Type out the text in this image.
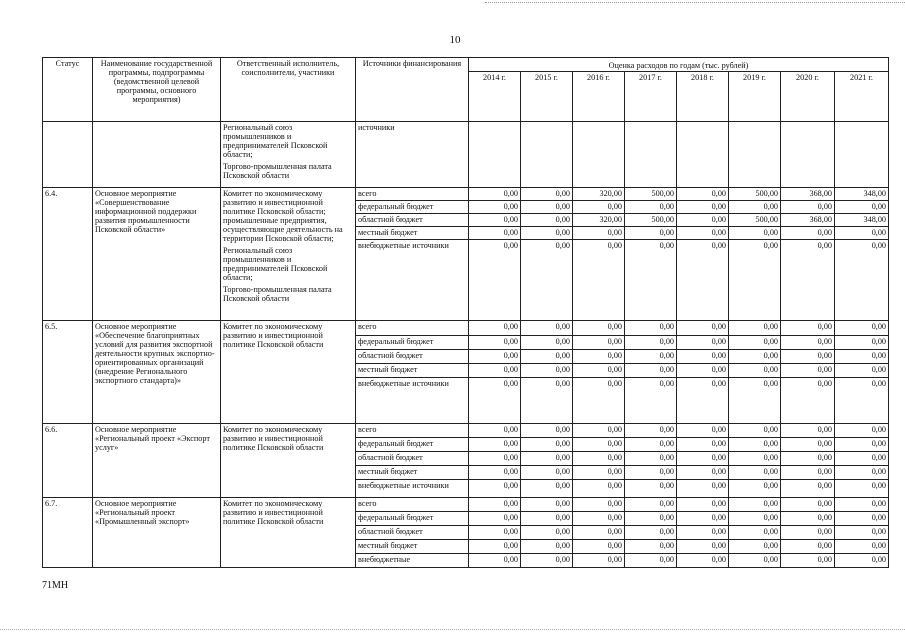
10
Статус	Наименование государственной программы, подпрограммы (ведомственной целевой программы, основного мероприятия)	Ответственный исполнитель, соисполнители, участники	Источники финансирования	Оценка расходов по годам (тыс. рублей)							
				2014 г.	2015 г.	2016 г.	2017 г.	2018 г.	2019 г.	2020 г.	2021 г.

		Региональный союз промышленников и предпринимателей Псковской области;

Торгово-промышленная палата Псковской области	источники								
6.4.	Основное мероприятие «Совершенствование информационной поддержки развития промышленности Псковской области»	Комитет по экономическому развитию и инвестиционной политике Псковской области; промышленные предприятия, осуществляющие деятельность на территории Псковской области;

Региональный союз промышленников и предпринимателей Псковской области;

Торгово-промышленная палата Псковской области	всего	0,00	0,00	320,00	500,00	0,00	500,00	368,00	348,00
			федеральный бюджет	0,00	0,00	0,00	0,00	0,00	0,00	0,00	0,00
			областной бюджет	0,00	0,00	320,00	500,00	0,00	500,00	368,00	348,00
			местный бюджет	0,00	0,00	0,00	0,00	0,00	0,00	0,00	0,00
			внебюджетные источники	0,00	0,00	0,00	0,00	0,00	0,00	0,00	0,00
6.5.	Основное мероприятие «Обеспечение благоприятных условий для развития экспортной деятельности крупных экспортно-ориентированных организаций (внедрение Регионального экспортного стандарта)»	Комитет по экономическому развитию и инвестиционной политике Псковской области	всего	0,00	0,00	0,00	0,00	0,00	0,00	0,00	0,00
			федеральный бюджет	0,00	0,00	0,00	0,00	0,00	0,00	0,00	0,00
			областной бюджет	0,00	0,00	0,00	0,00	0,00	0,00	0,00	0,00
			местный бюджет	0,00	0,00	0,00	0,00	0,00	0,00	0,00	0,00
			внебюджетные источники	0,00	0,00	0,00	0,00	0,00	0,00	0,00	0,00
6.6.	Основное мероприятие «Региональный проект «Экспорт услуг»	Комитет по экономическому развитию и инвестиционной политике Псковской области	всего	0,00	0,00	0,00	0,00	0,00	0,00	0,00	0,00
			федеральный бюджет	0,00	0,00	0,00	0,00	0,00	0,00	0,00	0,00
			областной бюджет	0,00	0,00	0,00	0,00	0,00	0,00	0,00	0,00
			местный бюджет	0,00	0,00	0,00	0,00	0,00	0,00	0,00	0,00
			внебюджетные источники	0,00	0,00	0,00	0,00	0,00	0,00	0,00	0,00
6.7.	Основное мероприятие «Региональный проект «Промышленный экспорт»	Комитет по экономическому развитию и инвестиционной политике Псковской области	всего	0,00	0,00	0,00	0,00	0,00	0,00	0,00	0,00
			федеральный бюджет	0,00	0,00	0,00	0,00	0,00	0,00	0,00	0,00
			областной бюджет	0,00	0,00	0,00	0,00	0,00	0,00	0,00	0,00
			местный бюджет	0,00	0,00	0,00	0,00	0,00	0,00	0,00	0,00
			внебюджетные	0,00	0,00	0,00	0,00	0,00	0,00	0,00	0,00
71МН
